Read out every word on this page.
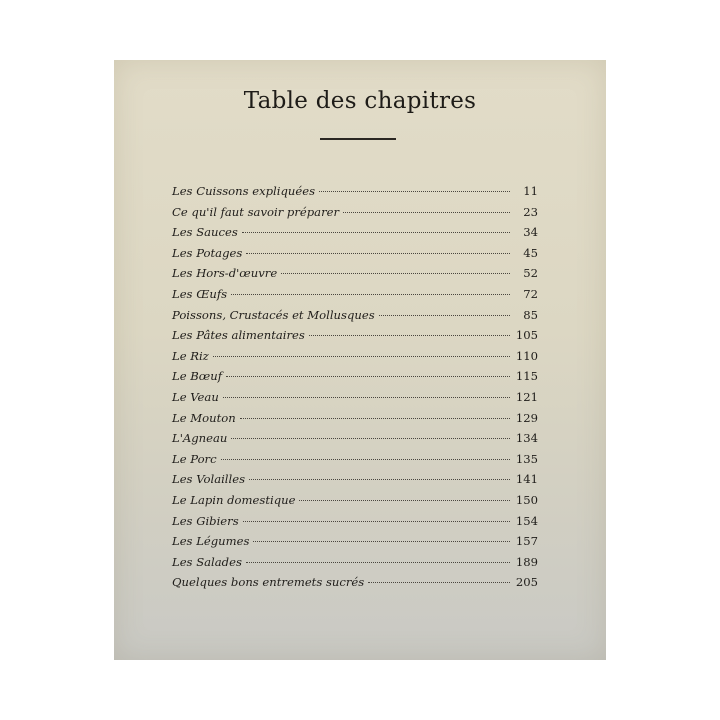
Table des chapitres
Les Cuissons expliquées	11
Ce qu'il faut savoir préparer	23
Les Sauces	34
Les Potages	45
Les Hors-d'œuvre	52
Les Œufs	72
Poissons, Crustacés et Mollusques	85
Les Pâtes alimentaires	105
Le Riz	110
Le Bœuf	115
Le Veau	121
Le Mouton	129
L'Agneau	134
Le Porc	135
Les Volailles	141
Le Lapin domestique	150
Les Gibiers	154
Les Légumes	157
Les Salades	189
Quelques bons entremets sucrés	205
